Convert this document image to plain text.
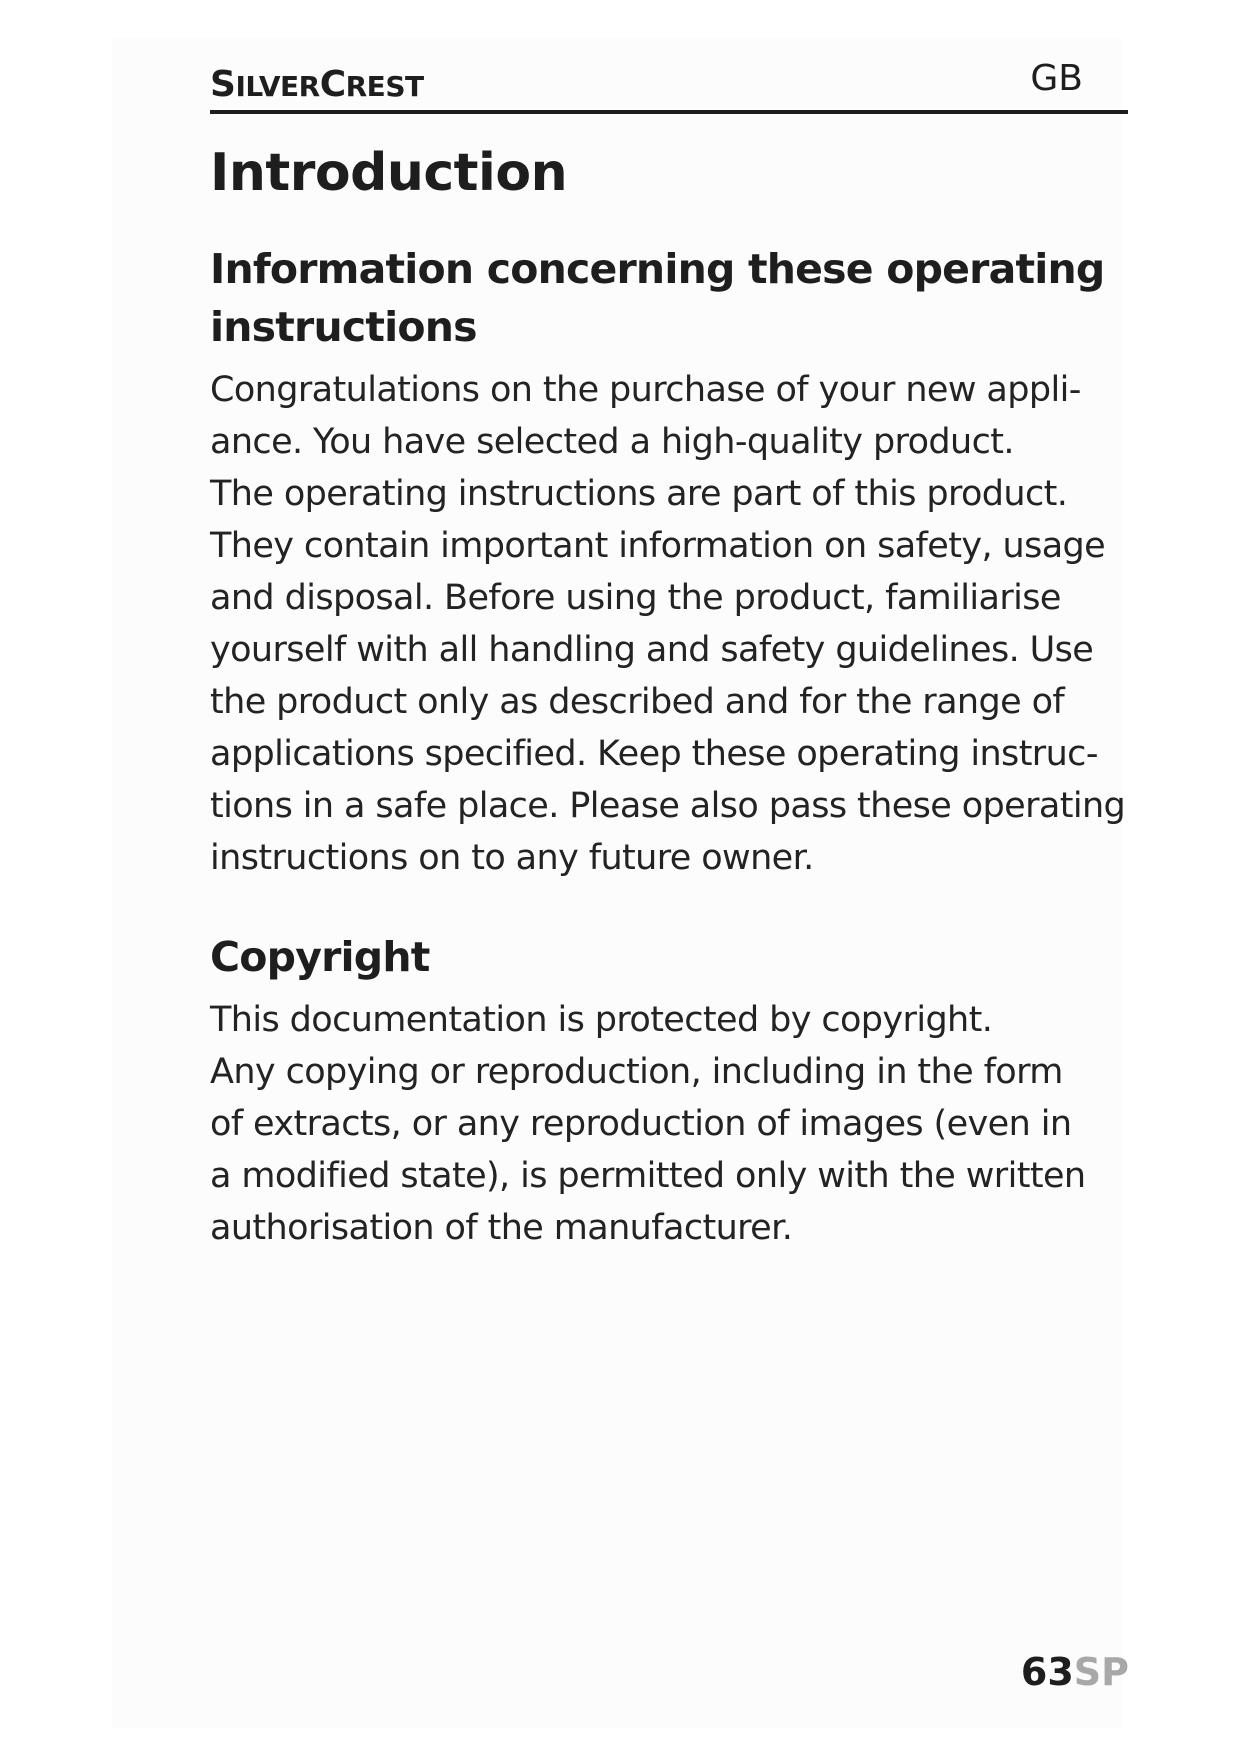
SILVERCREST	GB
Introduction
Information concerning these operating
instructions

Congratulations on the purchase of your new appli-
ance. You have selected a high-quality product.
The operating instructions are part of this product.
They contain important information on safety, usage
and disposal. Before using the product, familiarise
yourself with all handling and safety guidelines. Use
the product only as described and for the range of
applications specified. Keep these operating instruc-
tions in a safe place. Please also pass these operating
instructions on to any future owner.

Copyright

This documentation is protected by copyright.
Any copying or reproduction, including in the form
of extracts, or any reproduction of images (even in
a modified state), is permitted only with the written
authorisation of the manufacturer.

63SP
